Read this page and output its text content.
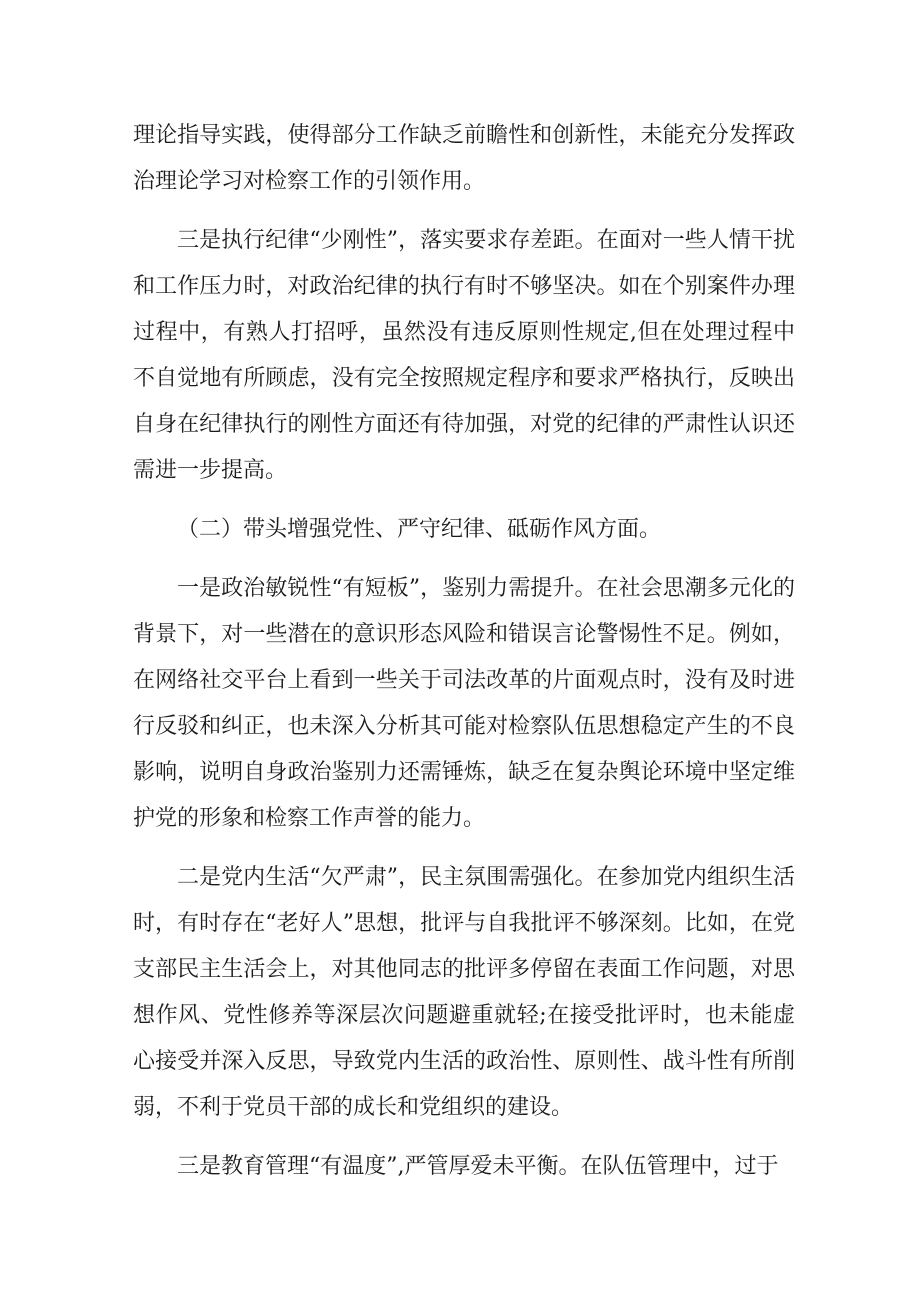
理论指导实践，使得部分工作缺乏前瞻性和创新性，未能充分发挥政治理论学习对检察工作的引领作用。

三是执行纪律“少刚性”，落实要求存差距。在面对一些人情干扰和工作压力时，对政治纪律的执行有时不够坚决。如在个别案件办理过程中，有熟人打招呼，虽然没有违反原则性规定,但在处理过程中不自觉地有所顾虑，没有完全按照规定程序和要求严格执行，反映出自身在纪律执行的刚性方面还有待加强，对党的纪律的严肃性认识还需进一步提高。

（二）带头增强党性、严守纪律、砥砺作风方面。

一是政治敏锐性“有短板”，鉴别力需提升。在社会思潮多元化的背景下，对一些潜在的意识形态风险和错误言论警惕性不足。例如，在网络社交平台上看到一些关于司法改革的片面观点时，没有及时进行反驳和纠正，也未深入分析其可能对检察队伍思想稳定产生的不良影响，说明自身政治鉴别力还需锤炼，缺乏在复杂舆论环境中坚定维护党的形象和检察工作声誉的能力。

二是党内生活“欠严肃”，民主氛围需强化。在参加党内组织生活时，有时存在“老好人”思想，批评与自我批评不够深刻。比如，在党支部民主生活会上，对其他同志的批评多停留在表面工作问题，对思想作风、党性修养等深层次问题避重就轻;在接受批评时，也未能虚心接受并深入反思，导致党内生活的政治性、原则性、战斗性有所削弱，不利于党员干部的成长和党组织的建设。

三是教育管理“有温度”,严管厚爱未平衡。在队伍管理中，过于
